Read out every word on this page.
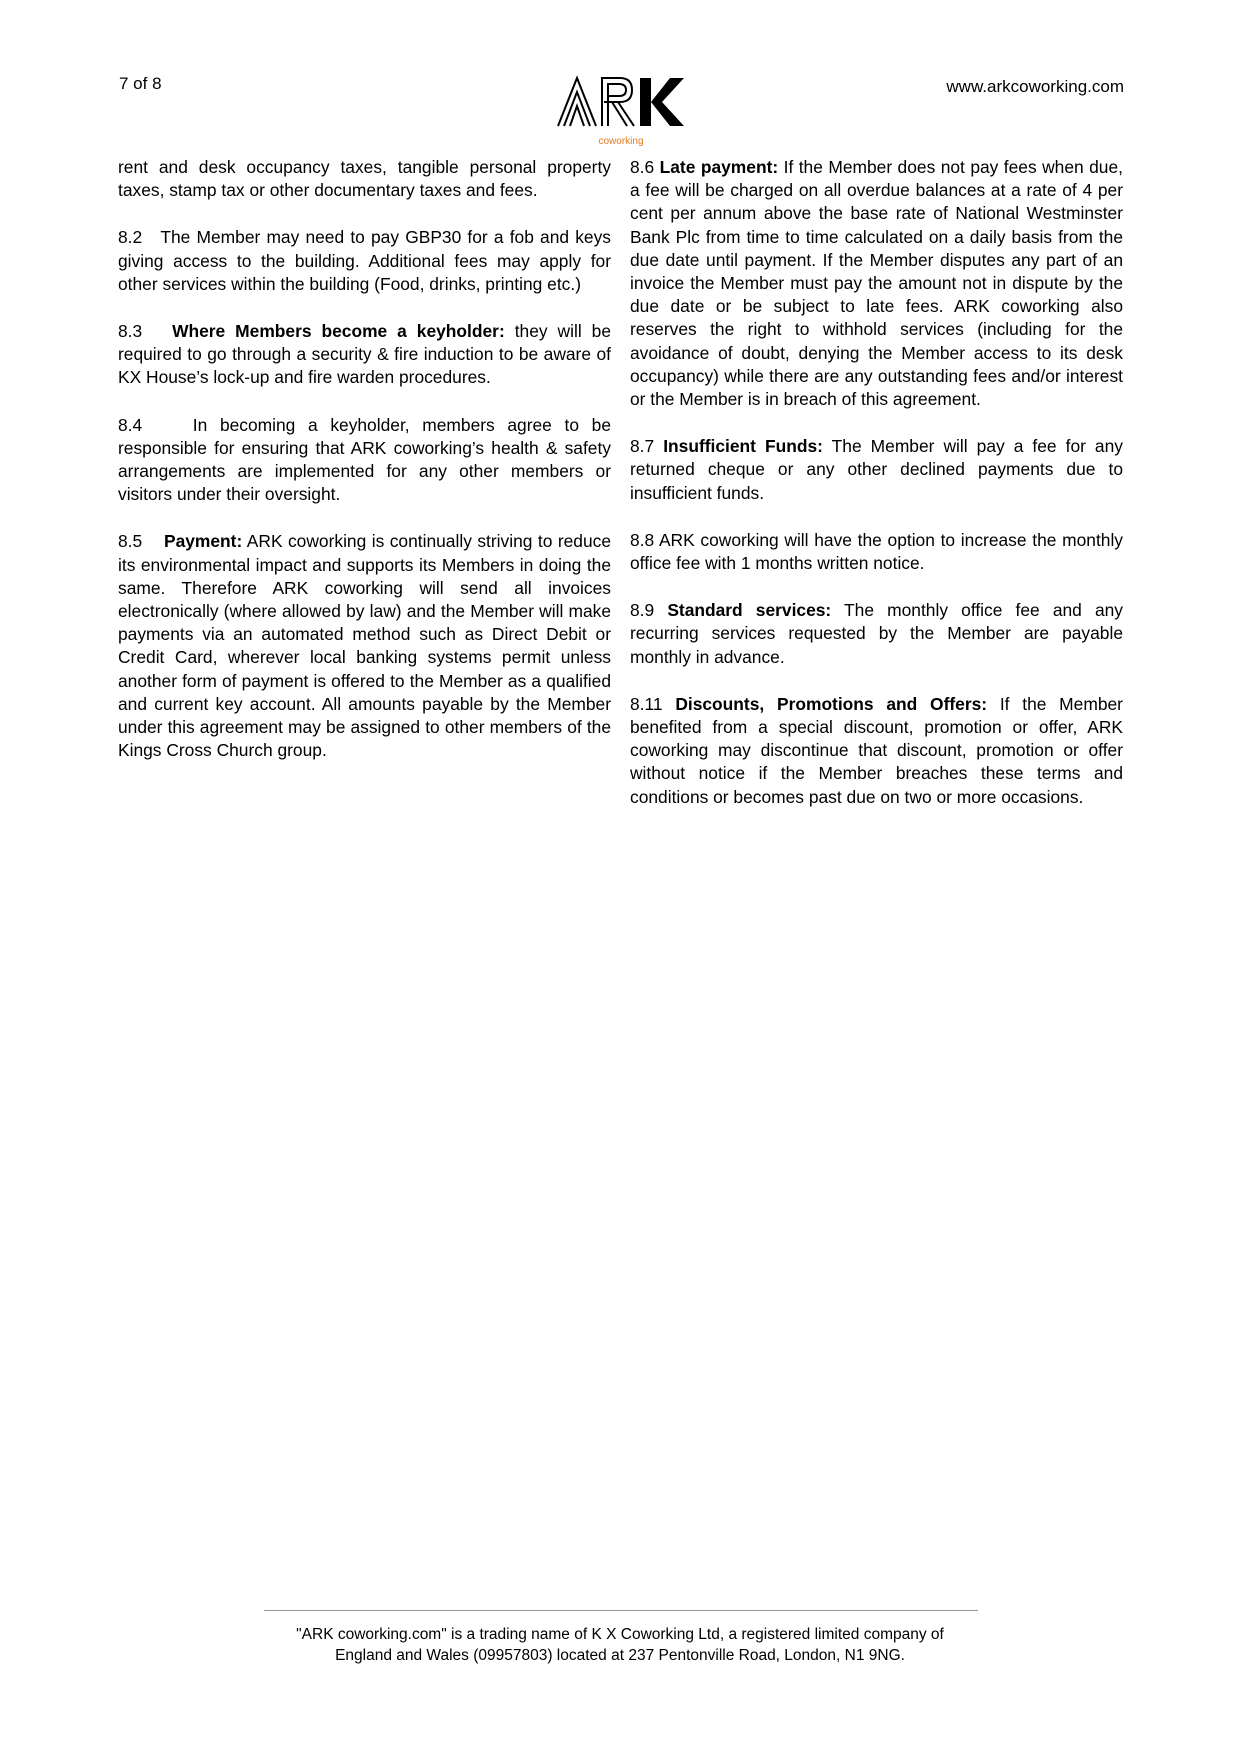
7 of 8
coworking
www.arkcoworking.com

rent and desk occupancy taxes, tangible personal property taxes, stamp tax or other documentary taxes and fees.

8.2 The Member may need to pay GBP30 for a fob and keys giving access to the building. Additional fees may apply for other services within the building (Food, drinks, printing etc.)

8.3 Where Members become a keyholder: they will be required to go through a security & fire induction to be aware of KX House’s lock-up and fire warden procedures.

8.4	In becoming a keyholder, members agree to be responsible for ensuring that ARK coworking’s health & safety arrangements are implemented for any other members or visitors under their oversight.

8.5 Payment: ARK coworking is continually striving to reduce its environmental impact and supports its Members in doing the same. Therefore ARK coworking will send all invoices electronically (where allowed by law) and the Member will make payments via an automated method such as Direct Debit or Credit Card, wherever local banking systems permit unless another form of payment is offered to the Member as a qualified and current key account. All amounts payable by the Member under this agreement may be assigned to other members of the Kings Cross Church group.

8.6 Late payment: If the Member does not pay fees when due, a fee will be charged on all overdue balances at a rate of 4 per cent per annum above the base rate of National Westminster Bank Plc from time to time calculated on a daily basis from the due date until payment. If the Member disputes any part of an invoice the Member must pay the amount not in dispute by the due date or be subject to late fees. ARK coworking also reserves the right to withhold services (including for the avoidance of doubt, denying the Member access to its desk occupancy) while there are any outstanding fees and/or interest or the Member is in breach of this agreement.

8.7 Insufficient Funds: The Member will pay a fee for any returned cheque or any other declined payments due to insufficient funds.

8.8 ARK coworking will have the option to increase the monthly office fee with 1 months written notice.

8.9 Standard services: The monthly office fee and any recurring services requested by the Member are payable monthly in advance.

8.11 Discounts, Promotions and Offers: If the Member benefited from a special discount, promotion or offer, ARK coworking may discontinue that discount, promotion or offer without notice if the Member breaches these terms and conditions or becomes past due on two or more occasions.

"ARK coworking.com" is a trading name of K X Coworking Ltd, a registered limited company of

England and Wales (09957803) located at 237 Pentonville Road, London, N1 9NG.
